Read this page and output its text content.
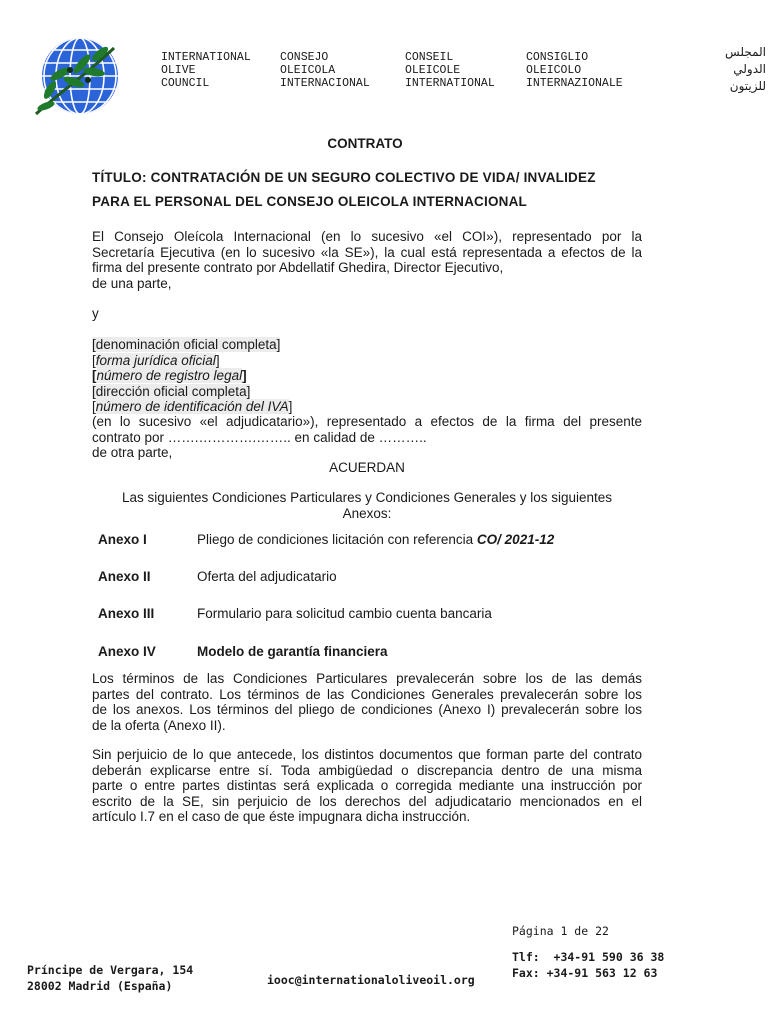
INTERNATIONAL
OLIVE
COUNCIL
CONSEJO
OLEICOLA
INTERNACIONAL
CONSEIL
OLEICOLE
INTERNATIONAL
CONSIGLIO
OLEICOLO
INTERNAZIONALE
المجلس
الدولي
للزيتون
CONTRATO
TÍTULO: CONTRATACIÓN DE UN SEGURO COLECTIVO DE VIDA/ INVALIDEZ
PARA EL PERSONAL DEL CONSEJO OLEICOLA INTERNACIONAL
El Consejo Oleícola Internacional (en lo sucesivo «el COI»), representado por la
Secretaría Ejecutiva (en lo sucesivo «la SE»), la cual está representada a efectos de la
firma del presente contrato por Abdellatif Ghedira, Director Ejecutivo,
de una parte,
y
[denominación oficial completa]
[forma jurídica oficial]
[número de registro legal]
[dirección oficial completa]
[número de identificación del IVA]
(en lo sucesivo «el adjudicatario»), representado a efectos de la firma del presente
contrato por …….………….…….. en calidad de ………..
de otra parte,
ACUERDAN
Las siguientes Condiciones Particulares y Condiciones Generales y los siguientes
Anexos:
Anexo I	Pliego de condiciones licitación con referencia CO/ 2021-12
Anexo II	Oferta del adjudicatario
Anexo III	Formulario para solicitud cambio cuenta bancaria
Anexo IV	Modelo de garantía financiera
Los términos de las Condiciones Particulares prevalecerán sobre los de las demás
partes del contrato. Los términos de las Condiciones Generales prevalecerán sobre los
de los anexos. Los términos del pliego de condiciones (Anexo I) prevalecerán sobre los
de la oferta (Anexo II).
Sin perjuicio de lo que antecede, los distintos documentos que forman parte del contrato
deberán explicarse entre sí. Toda ambigüedad o discrepancia dentro de una misma
parte o entre partes distintas será explicada o corregida mediante una instrucción por
escrito de la SE, sin perjuicio de los derechos del adjudicatario mencionados en el
artículo I.7 en el caso de que éste impugnara dicha instrucción.
Página 1 de 22
Príncipe de Vergara, 154
28002 Madrid (España)	iooc@internationaloliveoil.org
Tlf:  +34-91 590 36 38
Fax: +34-91 563 12 63
